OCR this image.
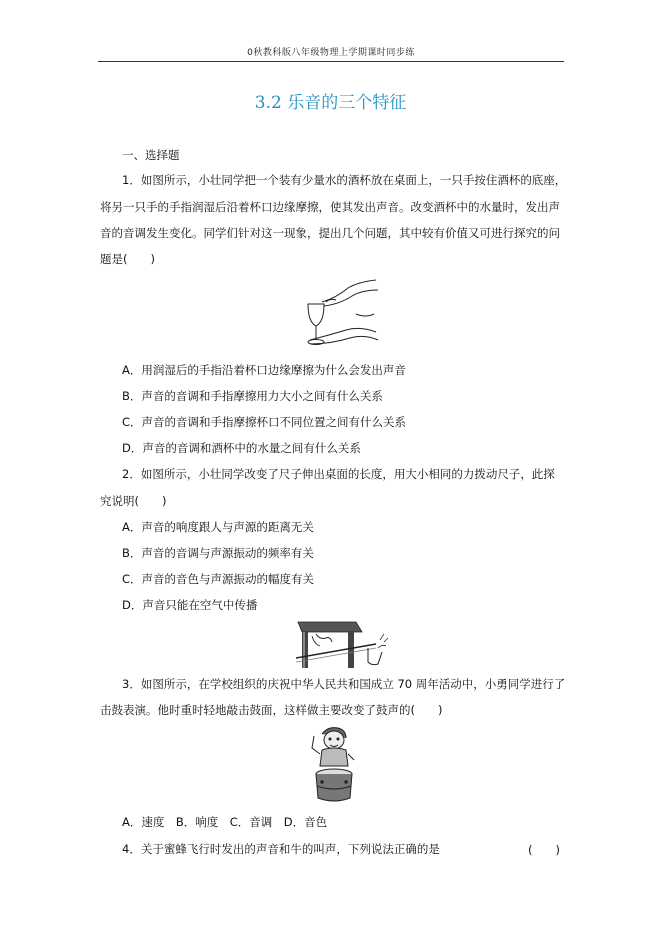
0秋教科版八年级物理上学期课时同步练
3.2 乐音的三个特征
一、选择题
1．如图所示，小壮同学把一个装有少量水的酒杯放在桌面上，一只手按住酒杯的底座，
将另一只手的手指润湿后沿着杯口边缘摩擦，使其发出声音。改变酒杯中的水量时，发出声
音的音调发生变化。同学们针对这一现象，提出几个问题，其中较有价值又可进行探究的问
题是(　　)
A．用润湿后的手指沿着杯口边缘摩擦为什么会发出声音
B．声音的音调和手指摩擦用力大小之间有什么关系
C．声音的音调和手指摩擦杯口不同位置之间有什么关系
D．声音的音调和酒杯中的水量之间有什么关系
2．如图所示，小壮同学改变了尺子伸出桌面的长度，用大小相同的力拨动尺子，此探
究说明(　　)
A．声音的响度跟人与声源的距离无关
B．声音的音调与声源振动的频率有关
C．声音的音色与声源振动的幅度有关
D．声音只能在空气中传播
3．如图所示，在学校组织的庆祝中华人民共和国成立 70 周年活动中，小勇同学进行了
击鼓表演。他时重时轻地敲击鼓面，这样做主要改变了鼓声的(　　)
A．速度　B．响度　C．音调　D．音色
4．关于蜜蜂飞行时发出的声音和牛的叫声，下列说法正确的是	(　　)
